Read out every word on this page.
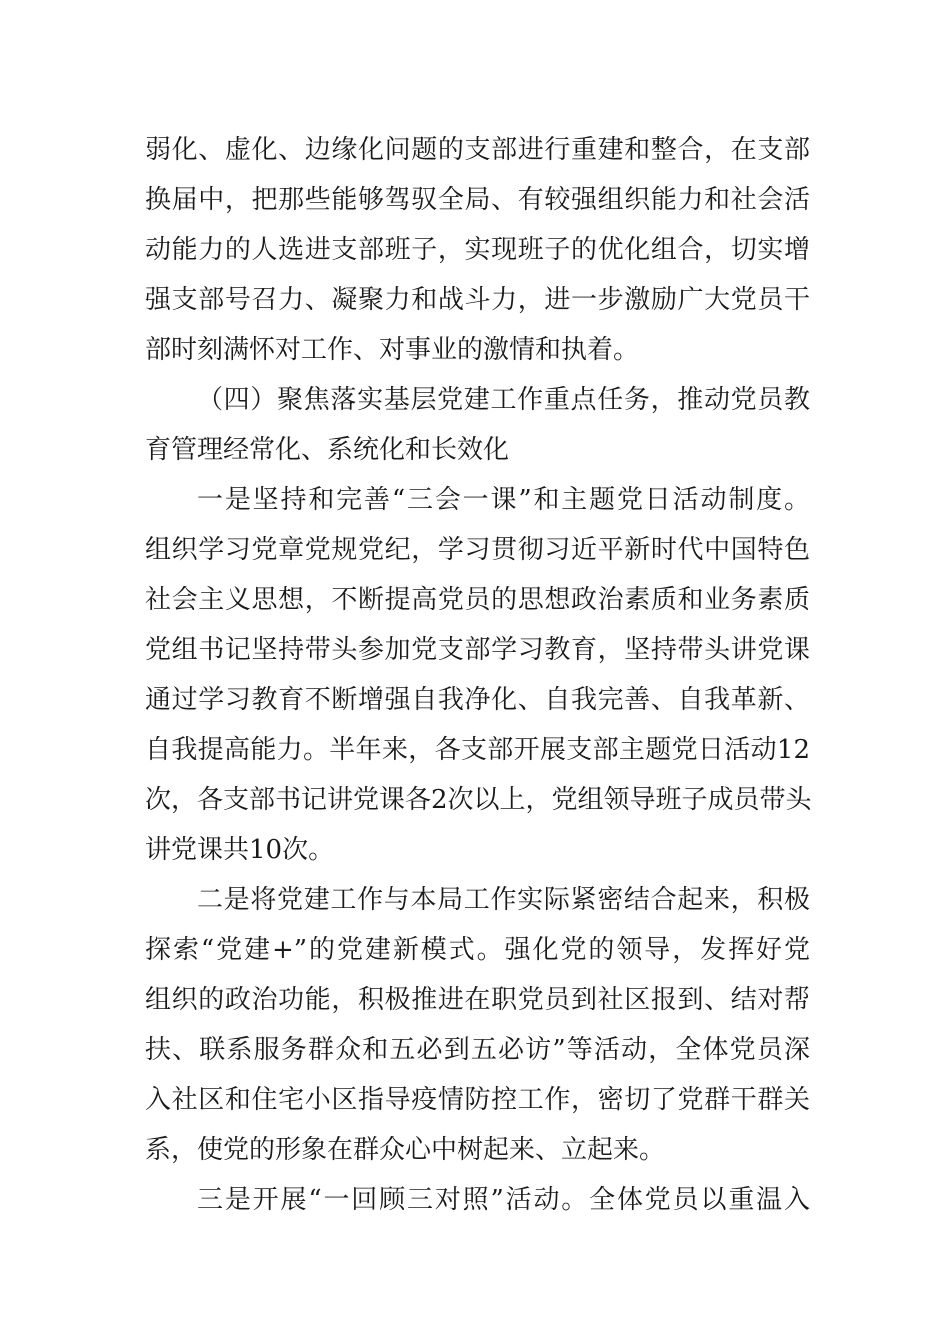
弱化、虚化、边缘化问题的支部进行重建和整合，在支部
换届中，把那些能够驾驭全局、有较强组织能力和社会活
动能力的人选进支部班子，实现班子的优化组合，切实增
强支部号召力、凝聚力和战斗力，进一步激励广大党员干
部时刻满怀对工作、对事业的激情和执着。
（四）聚焦落实基层党建工作重点任务，推动党员教
育管理经常化、系统化和长效化
一是坚持和完善“三会一课”和主题党日活动制度。
组织学习党章党规党纪，学习贯彻习近平新时代中国特色
社会主义思想，不断提高党员的思想政治素质和业务素质
党组书记坚持带头参加党支部学习教育，坚持带头讲党课
通过学习教育不断增强自我净化、自我完善、自我革新、
自我提高能力。半年来，各支部开展支部主题党日活动12
次，各支部书记讲党课各2次以上，党组领导班子成员带头
讲党课共10次。
二是将党建工作与本局工作实际紧密结合起来，积极
探索“党建+”的党建新模式。强化党的领导，发挥好党
组织的政治功能，积极推进在职党员到社区报到、结对帮
扶、联系服务群众和五必到五必访”等活动，全体党员深
入社区和住宅小区指导疫情防控工作，密切了党群干群关
系，使党的形象在群众心中树起来、立起来。
三是开展“一回顾三对照”活动。全体党员以重温入
